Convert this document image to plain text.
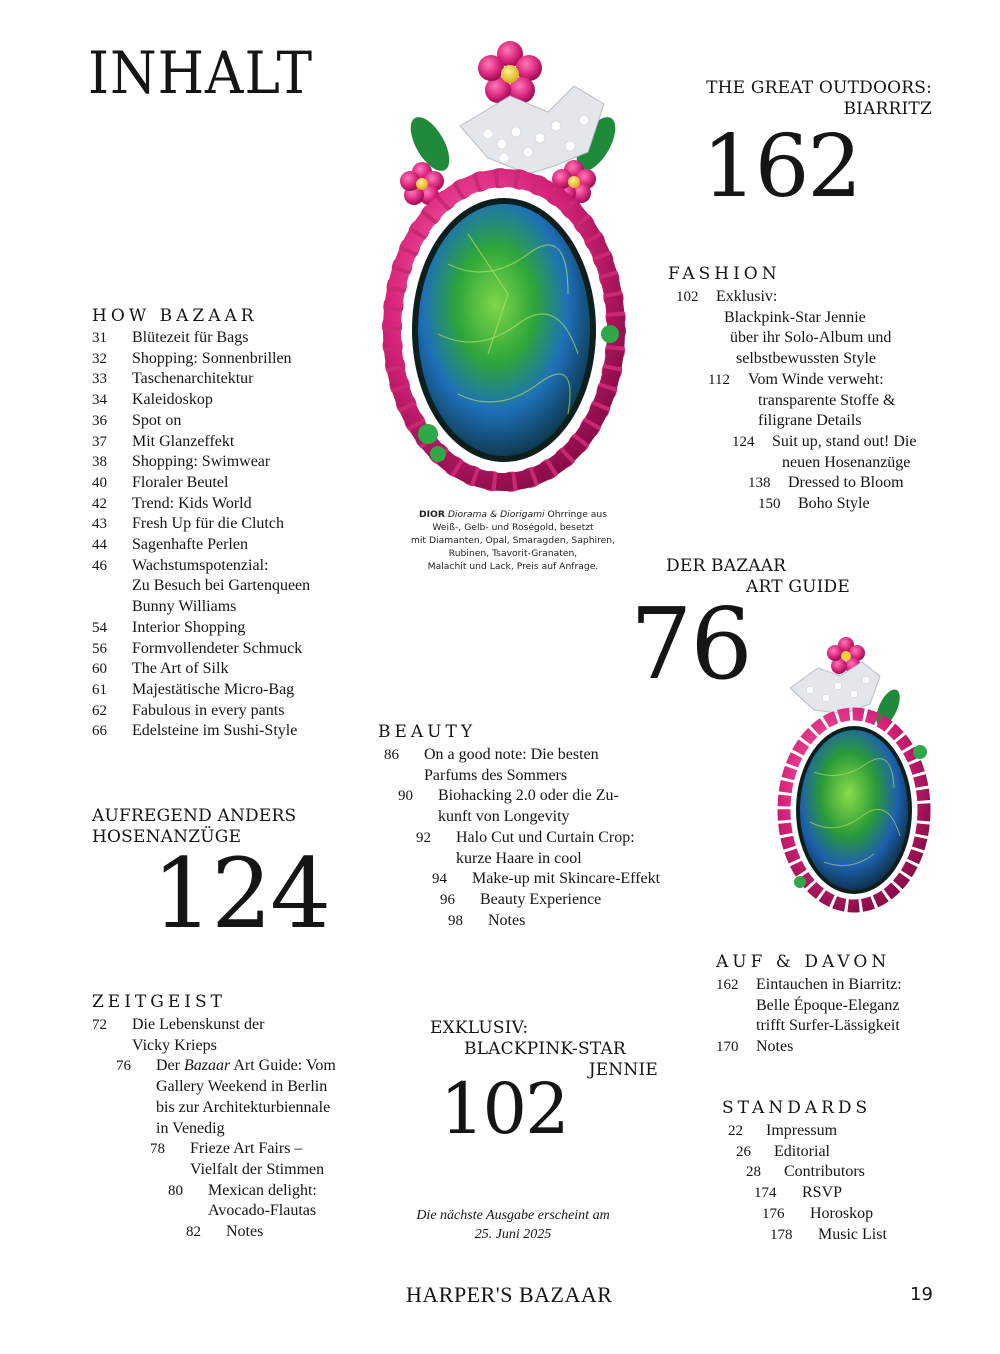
INHALT
HOW BAZAAR
31 Blütezeit für Bags
32 Shopping: Sonnenbrillen
33 Taschenarchitektur
34 Kaleidoskop
36 Spot on
37 Mit Glanzeffekt
38 Shopping: Swimwear
40 Floraler Beutel
42 Trend: Kids World
43 Fresh Up für die Clutch
44 Sagenhafte Perlen
46 Wachstumspotenzial:
Zu Besuch bei Gartenqueen
Bunny Williams
54 Interior Shopping
56 Formvollendeter Schmuck
60 The Art of Silk
61 Majestätische Micro-Bag
62 Fabulous in every pants
66 Edelsteine im Sushi-Style
AUFREGEND ANDERS
HOSENANZÜGE
124
ZEITGEIST
72 Die Lebenskunst der
Vicky Krieps
76 Der Bazaar Art Guide: Vom
Gallery Weekend in Berlin
bis zur Architekturbiennale
in Venedig
78 Frieze Art Fairs –
Vielfalt der Stimmen
80 Mexican delight:
Avocado-Flautas
82 Notes
DIOR Diorama & Diorigami Ohrringe aus
Weiß-, Gelb- und Roségold, besetzt
mit Diamanten, Opal, Smaragden, Saphiren,
Rubinen, Tsavorit-Granaten,
Malachit und Lack, Preis auf Anfrage.
BEAUTY
86 On a good note: Die besten
Parfums des Sommers
90 Biohacking 2.0 oder die Zu-
kunft von Longevity
92 Halo Cut und Curtain Crop:
kurze Haare in cool
94 Make-up mit Skincare-Effekt
96 Beauty Experience
98 Notes
EXKLUSIV:
BLACKPINK-STAR
JENNIE
102
Die nächste Ausgabe erscheint am
25. Juni 2025
THE GREAT OUTDOORS:
BIARRITZ
162
FASHION
102 Exklusiv:
Blackpink-Star Jennie
über ihr Solo-Album und
selbstbewussten Style
112 Vom Winde verweht:
transparente Stoffe &
filigrane Details
124 Suit up, stand out! Die
neuen Hosenanzüge
138 Dressed to Bloom
150 Boho Style
DER BAZAAR
ART GUIDE
76
AUF & DAVON
162 Eintauchen in Biarritz:
Belle Époque-Eleganz
trifft Surfer-Lässigkeit
170 Notes
STANDARDS
22 Impressum
26 Editorial
28 Contributors
174 RSVP
176 Horoskop
178 Music List
HARPER'S BAZAAR	19
